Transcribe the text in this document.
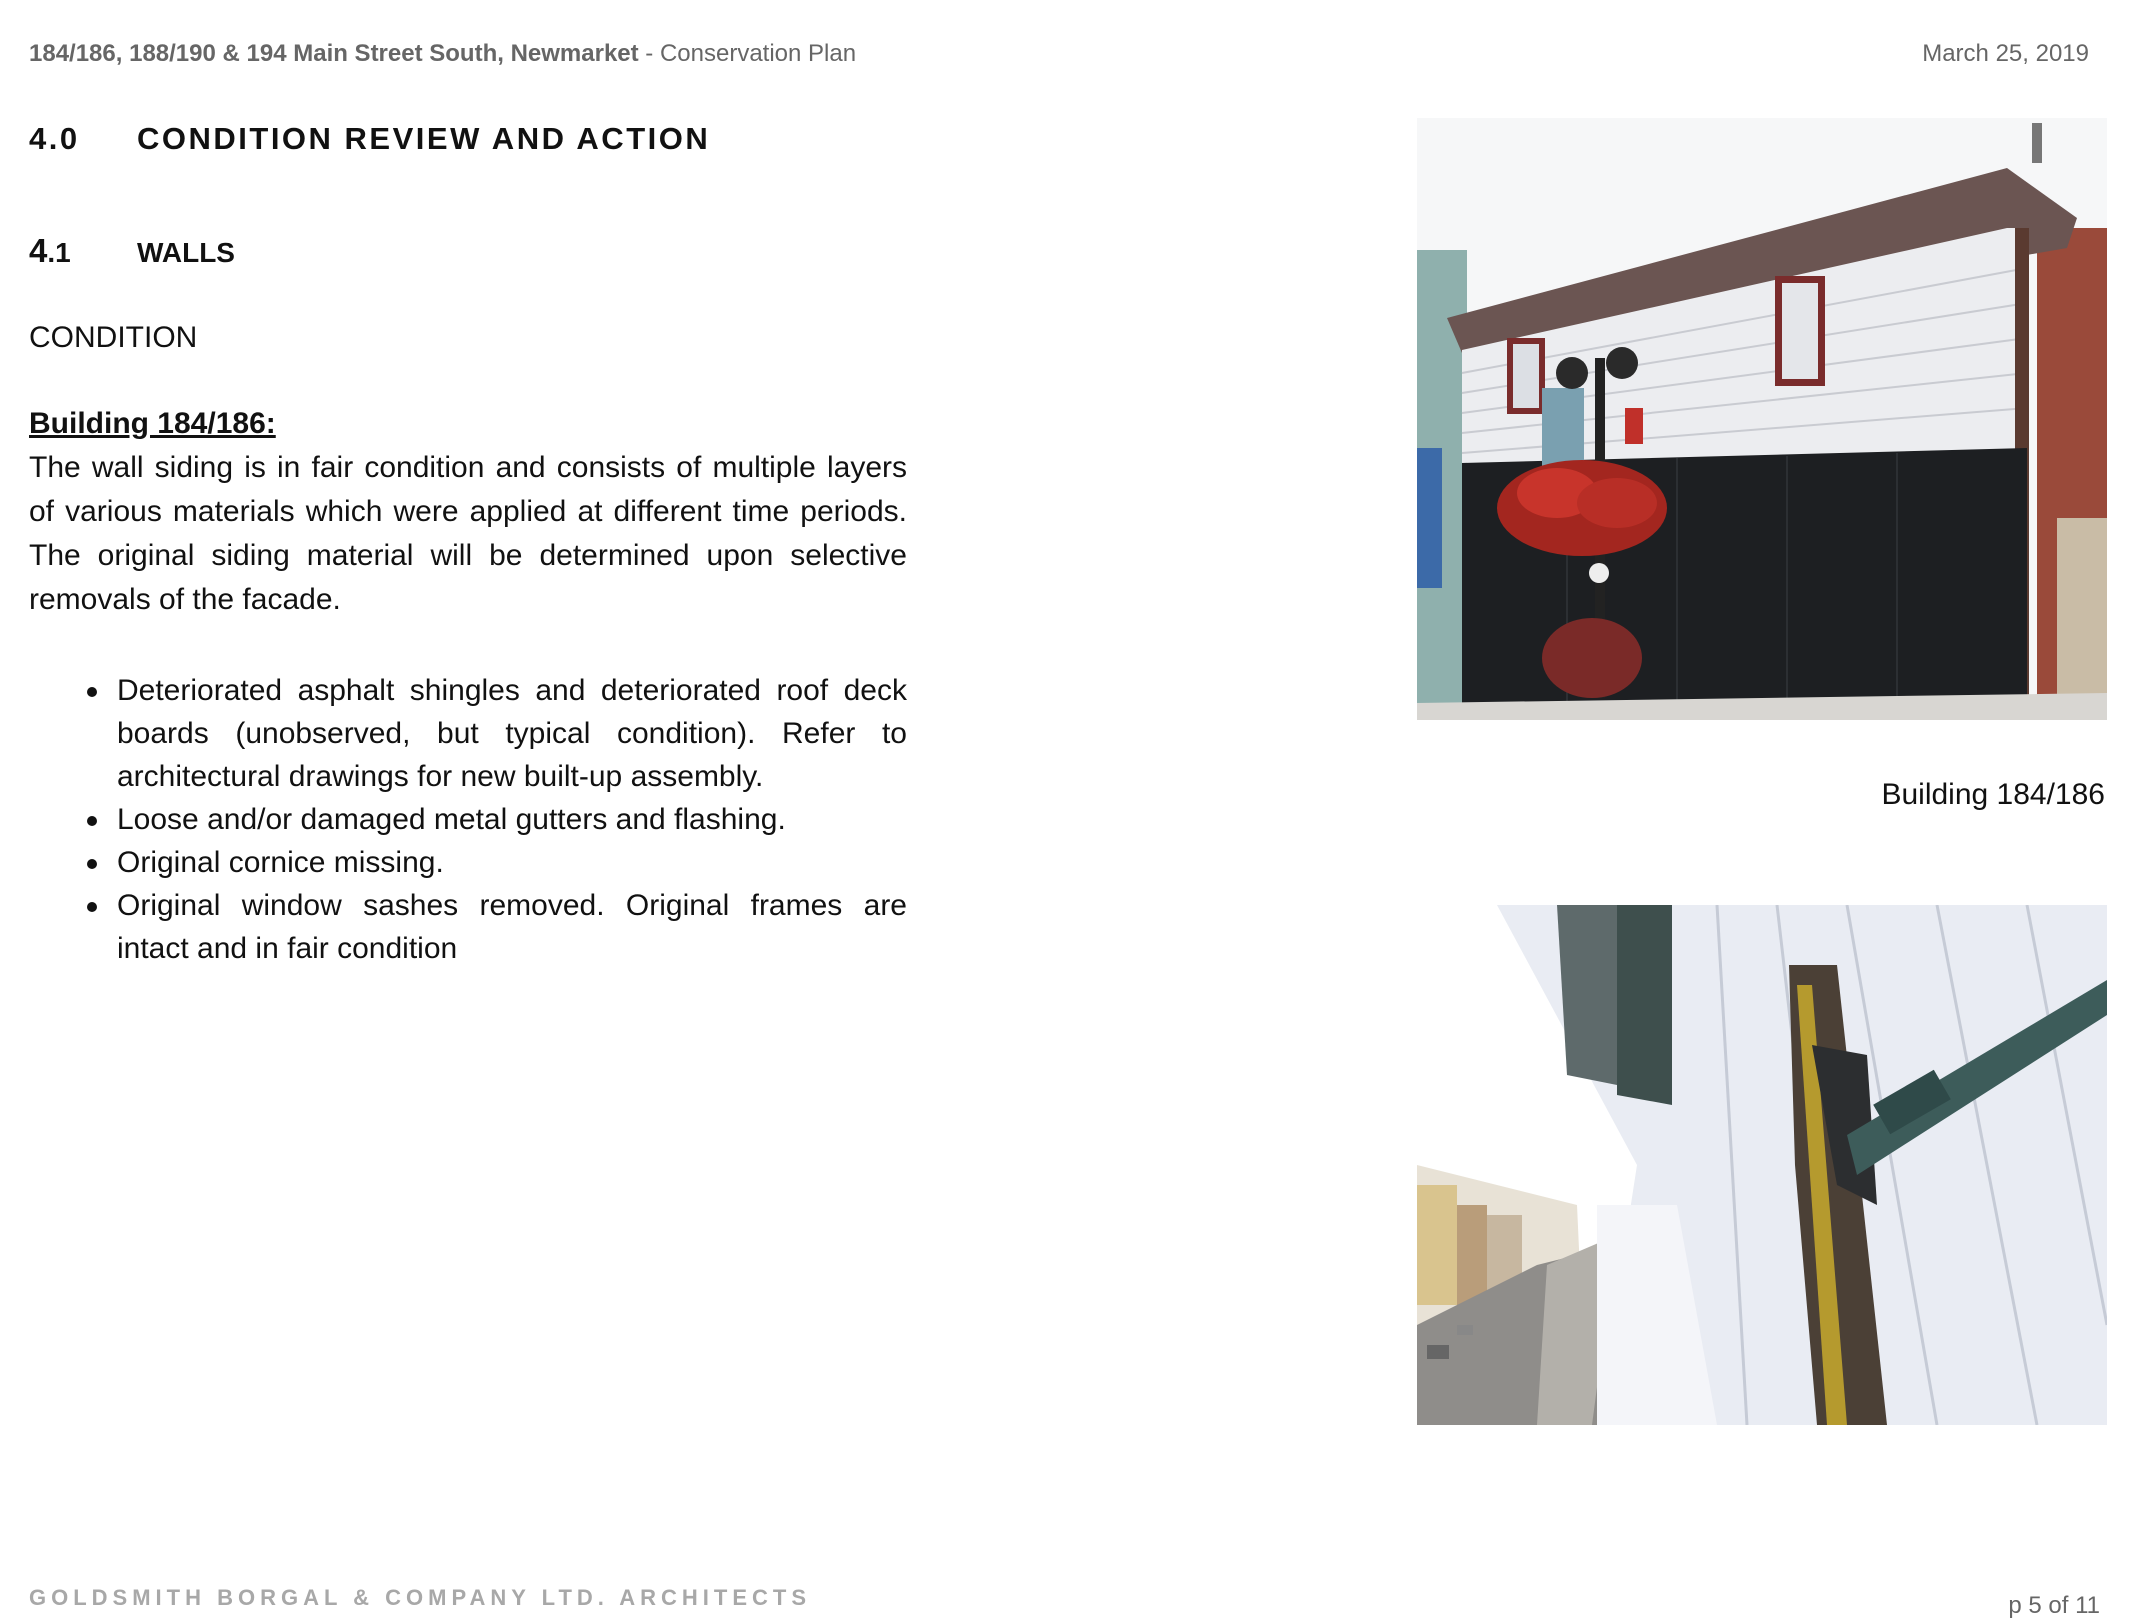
184/186, 188/190 & 194 Main Street South, Newmarket - Conservation Plan	March 25, 2019
4.0 CONDITION REVIEW AND ACTION
4.1 WALLS
CONDITION
Building 184/186:

The wall siding is in fair condition and consists of multiple layers of various materials which were applied at different time periods. The original siding material will be determined upon selective removals of the facade.

Deteriorated asphalt shingles and deteriorated roof deck boards (unobserved, but typical condition). Refer to architectural drawings for new built-up assembly.
Loose and/or damaged metal gutters and flashing.
Original cornice missing.
Original window sashes removed. Original frames are intact and in fair condition
Building 184/186
GOLDSMITH BORGAL & COMPANY LTD. ARCHITECTS	p 5 of 11
